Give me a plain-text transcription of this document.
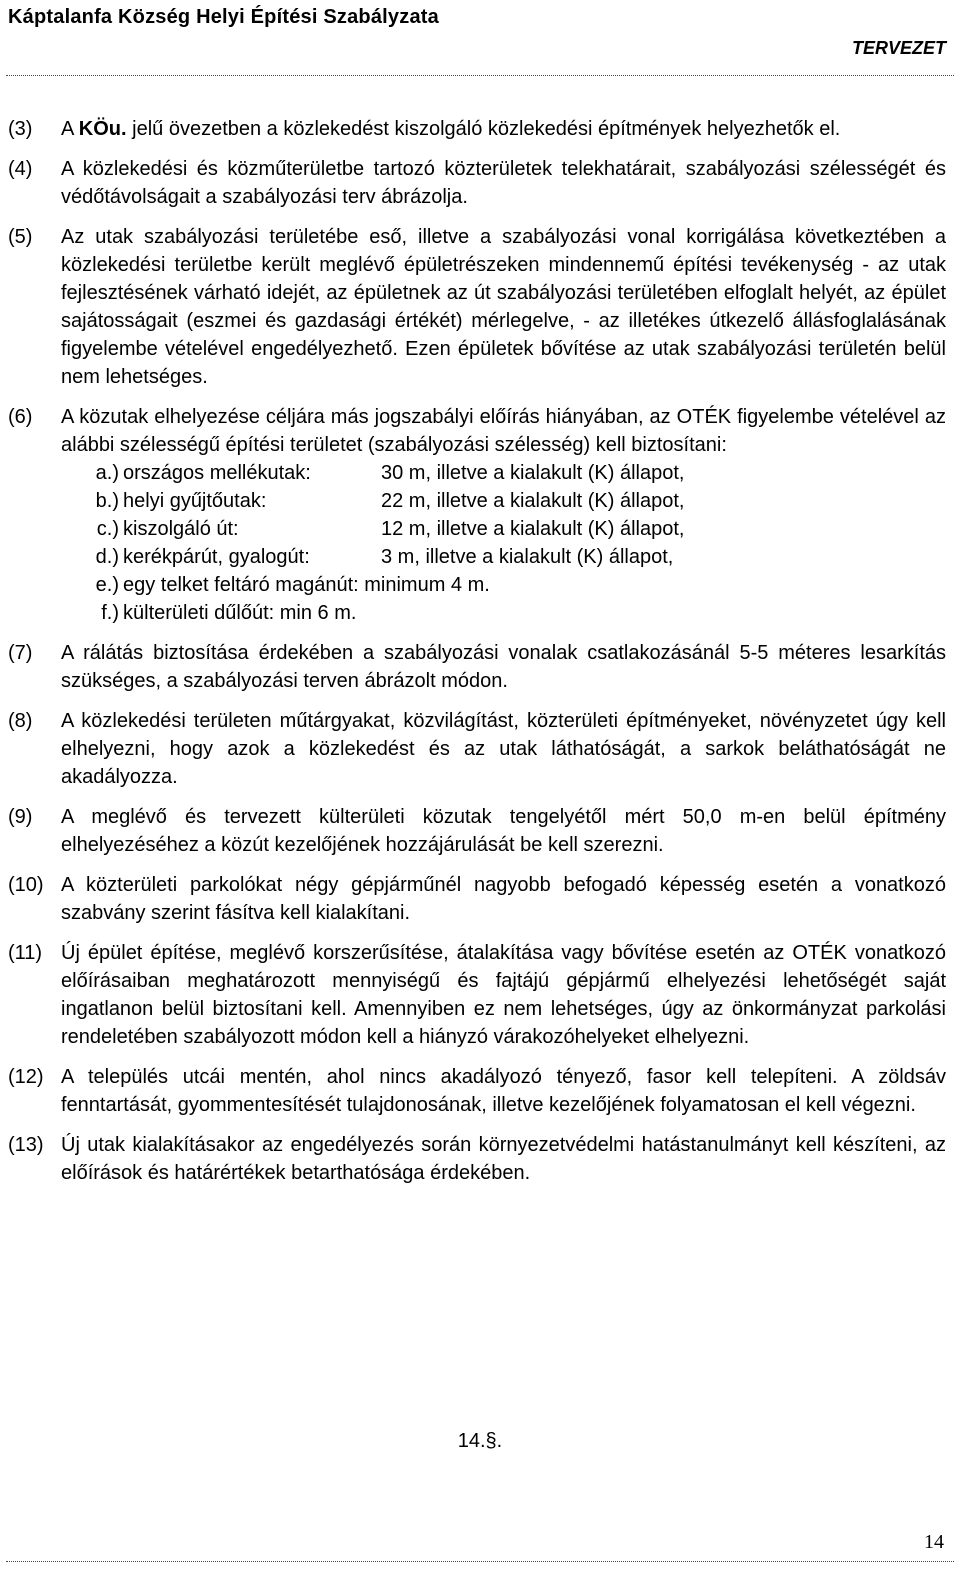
Káptalanfa Község Helyi Építési Szabályzata
TERVEZET
(3)	A KÖu. jelű övezetben a közlekedést kiszolgáló közlekedési építmények helyezhetők el.
(4)	A közlekedési és közműterületbe tartozó közterületek telekhatárait, szabályozási szélességét és védőtávolságait a szabályozási terv ábrázolja.
(5)	Az utak szabályozási területébe eső, illetve a szabályozási vonal korrigálása következtében a közlekedési területbe került meglévő épületrészeken mindennemű építési tevékenység - az utak fejlesztésének várható idejét, az épületnek az út szabályozási területében elfoglalt helyét, az épület sajátosságait (eszmei és gazdasági értékét) mérlegelve, - az illetékes útkezelő állásfoglalásának figyelembe vételével engedélyezhető. Ezen épületek bővítése az utak szabályozási területén belül nem lehetséges.
(6)	A közutak elhelyezése céljára más jogszabályi előírás hiányában, az OTÉK figyelembe vételével az alábbi szélességű építési területet (szabályozási szélesség) kell biztosítani:
a.) országos mellékutak:	30 m, illetve a kialakult (K) állapot,
b.) helyi gyűjtőutak:	22 m, illetve a kialakult (K) állapot,
c.) kiszolgáló út:	12 m, illetve a kialakult (K) állapot,
d.) kerékpárút, gyalogút:	3 m, illetve a kialakult (K) állapot,
e.) egy telket feltáró magánút: minimum 4 m.
f.) külterületi dűlőút: min 6 m.
(7)	A rálátás biztosítása érdekében a szabályozási vonalak csatlakozásánál 5-5 méteres lesarkítás szükséges, a szabályozási terven ábrázolt módon.
(8)	A közlekedési területen műtárgyakat, közvilágítást, közterületi építményeket, növényzetet úgy kell elhelyezni, hogy azok a közlekedést és az utak láthatóságát, a sarkok beláthatóságát ne akadályozza.
(9)	A meglévő és tervezett külterületi közutak tengelyétől mért 50,0 m-en belül építmény elhelyezéséhez a közút kezelőjének hozzájárulását be kell szerezni.
(10) A közterületi parkolókat négy gépjárműnél nagyobb befogadó képesség esetén a vonatkozó szabvány szerint fásítva kell kialakítani.
(11) Új épület építése, meglévő korszerűsítése, átalakítása vagy bővítése esetén az OTÉK vonatkozó előírásaiban meghatározott mennyiségű és fajtájú gépjármű elhelyezési lehetőségét saját ingatlanon belül biztosítani kell. Amennyiben ez nem lehetséges, úgy az önkormányzat parkolási rendeletében szabályozott módon kell a hiányzó várakozóhelyeket elhelyezni.
(12) A település utcái mentén, ahol nincs akadályozó tényező, fasor kell telepíteni. A zöldsáv fenntartását, gyommentesítését tulajdonosának, illetve kezelőjének folyamatosan el kell végezni.
(13) Új utak kialakításakor az engedélyezés során környezetvédelmi hatástanulmányt kell készíteni, az előírások és határértékek betarthatósága érdekében.
14.§.
14
